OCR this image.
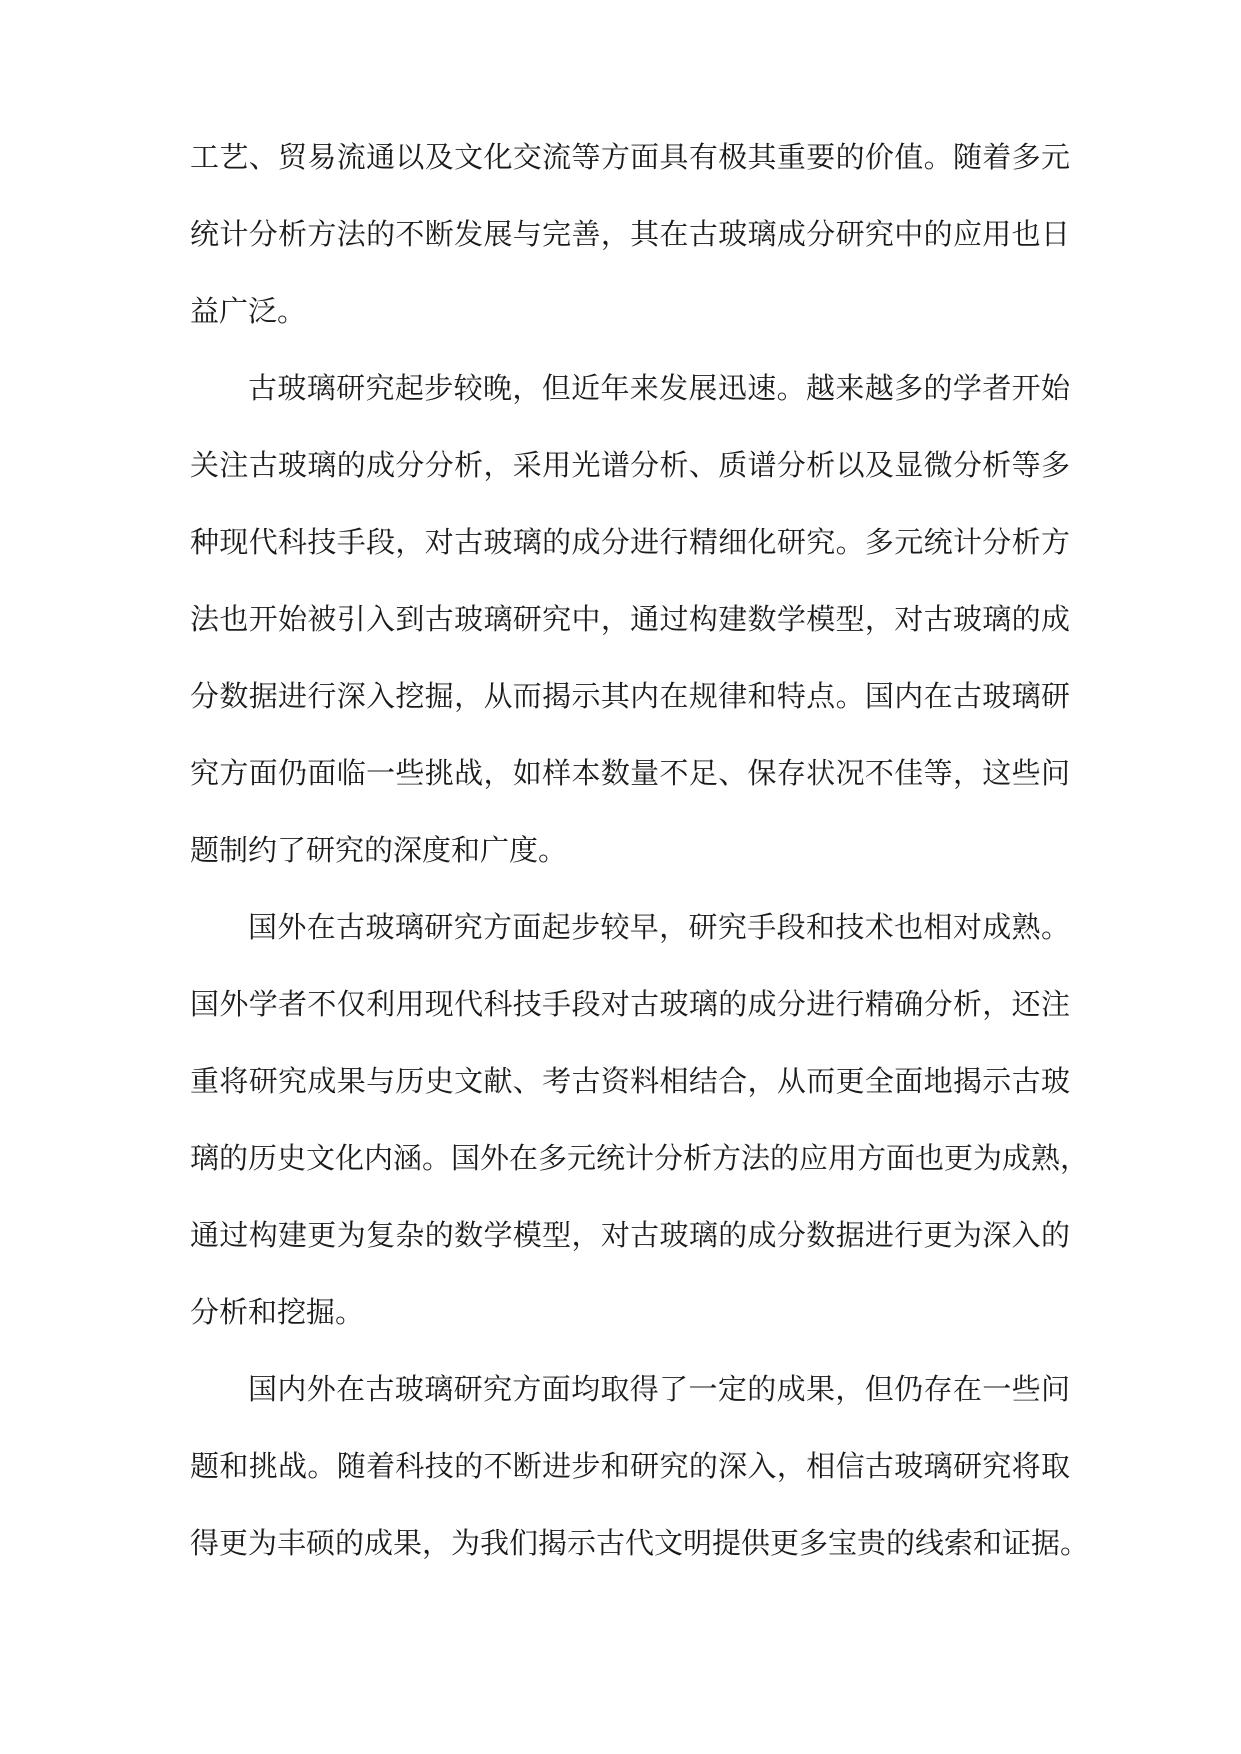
工艺、贸易流通以及文化交流等方面具有极其重要的价值。随着多元
统计分析方法的不断发展与完善，其在古玻璃成分研究中的应用也日
益广泛。
古玻璃研究起步较晚，但近年来发展迅速。越来越多的学者开始
关注古玻璃的成分分析，采用光谱分析、质谱分析以及显微分析等多
种现代科技手段，对古玻璃的成分进行精细化研究。多元统计分析方
法也开始被引入到古玻璃研究中，通过构建数学模型，对古玻璃的成
分数据进行深入挖掘，从而揭示其内在规律和特点。国内在古玻璃研
究方面仍面临一些挑战，如样本数量不足、保存状况不佳等，这些问
题制约了研究的深度和广度。
国外在古玻璃研究方面起步较早，研究手段和技术也相对成熟。
国外学者不仅利用现代科技手段对古玻璃的成分进行精确分析，还注
重将研究成果与历史文献、考古资料相结合，从而更全面地揭示古玻
璃的历史文化内涵。国外在多元统计分析方法的应用方面也更为成熟，
通过构建更为复杂的数学模型，对古玻璃的成分数据进行更为深入的
分析和挖掘。
国内外在古玻璃研究方面均取得了一定的成果，但仍存在一些问
题和挑战。随着科技的不断进步和研究的深入，相信古玻璃研究将取
得更为丰硕的成果，为我们揭示古代文明提供更多宝贵的线索和证据。
